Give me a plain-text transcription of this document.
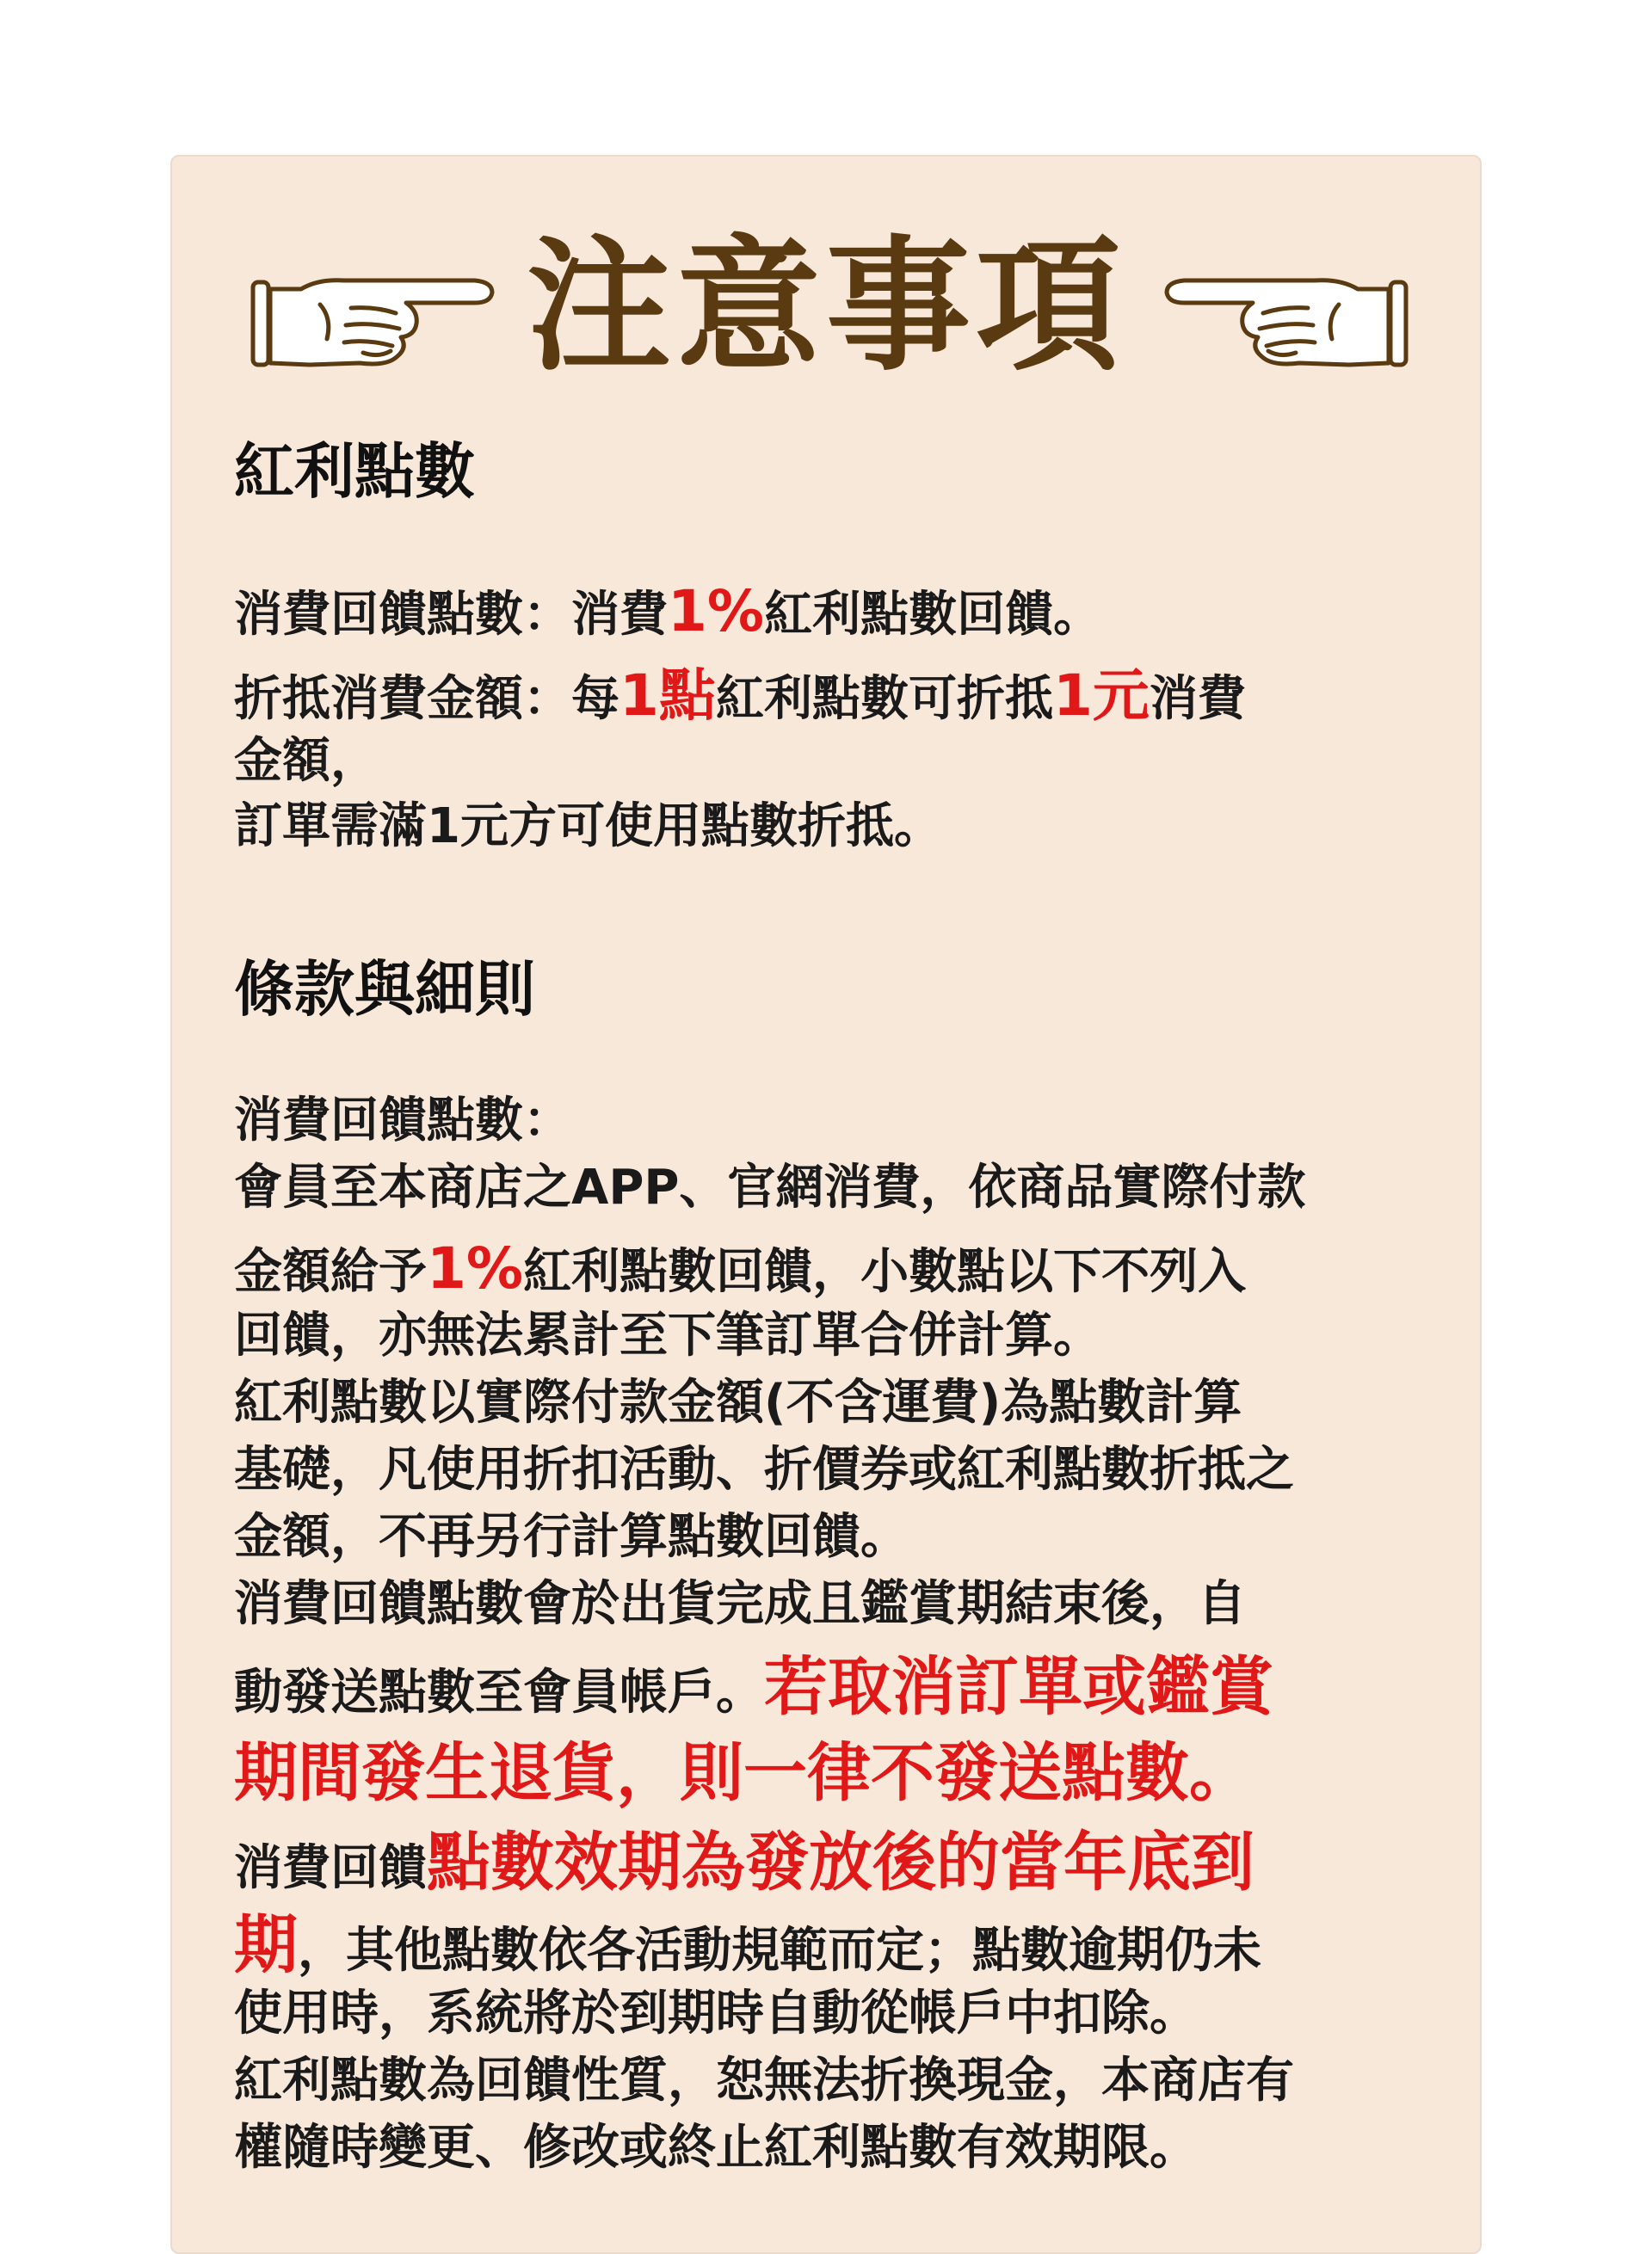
注意事項
紅利點數
消費回饋點數：消費1%紅利點數回饋。
折抵消費金額：每1點紅利點數可折抵1元消費
金額，
訂單需滿1元方可使用點數折抵。
條款與細則
消費回饋點數：
會員至本商店之APP、官網消費，依商品實際付款
金額給予1%紅利點數回饋，小數點以下不列入
回饋，亦無法累計至下筆訂單合併計算。
紅利點數以實際付款金額(不含運費)為點數計算
基礎，凡使用折扣活動、折價券或紅利點數折抵之
金額，不再另行計算點數回饋。
消費回饋點數會於出貨完成且鑑賞期結束後，自
動發送點數至會員帳戶。若取消訂單或鑑賞
期間發生退貨，則一律不發送點數。
消費回饋點數效期為發放後的當年底到
期，其他點數依各活動規範而定；點數逾期仍未
使用時，系統將於到期時自動從帳戶中扣除。
紅利點數為回饋性質，恕無法折換現金，本商店有
權隨時變更、修改或終止紅利點數有效期限。
